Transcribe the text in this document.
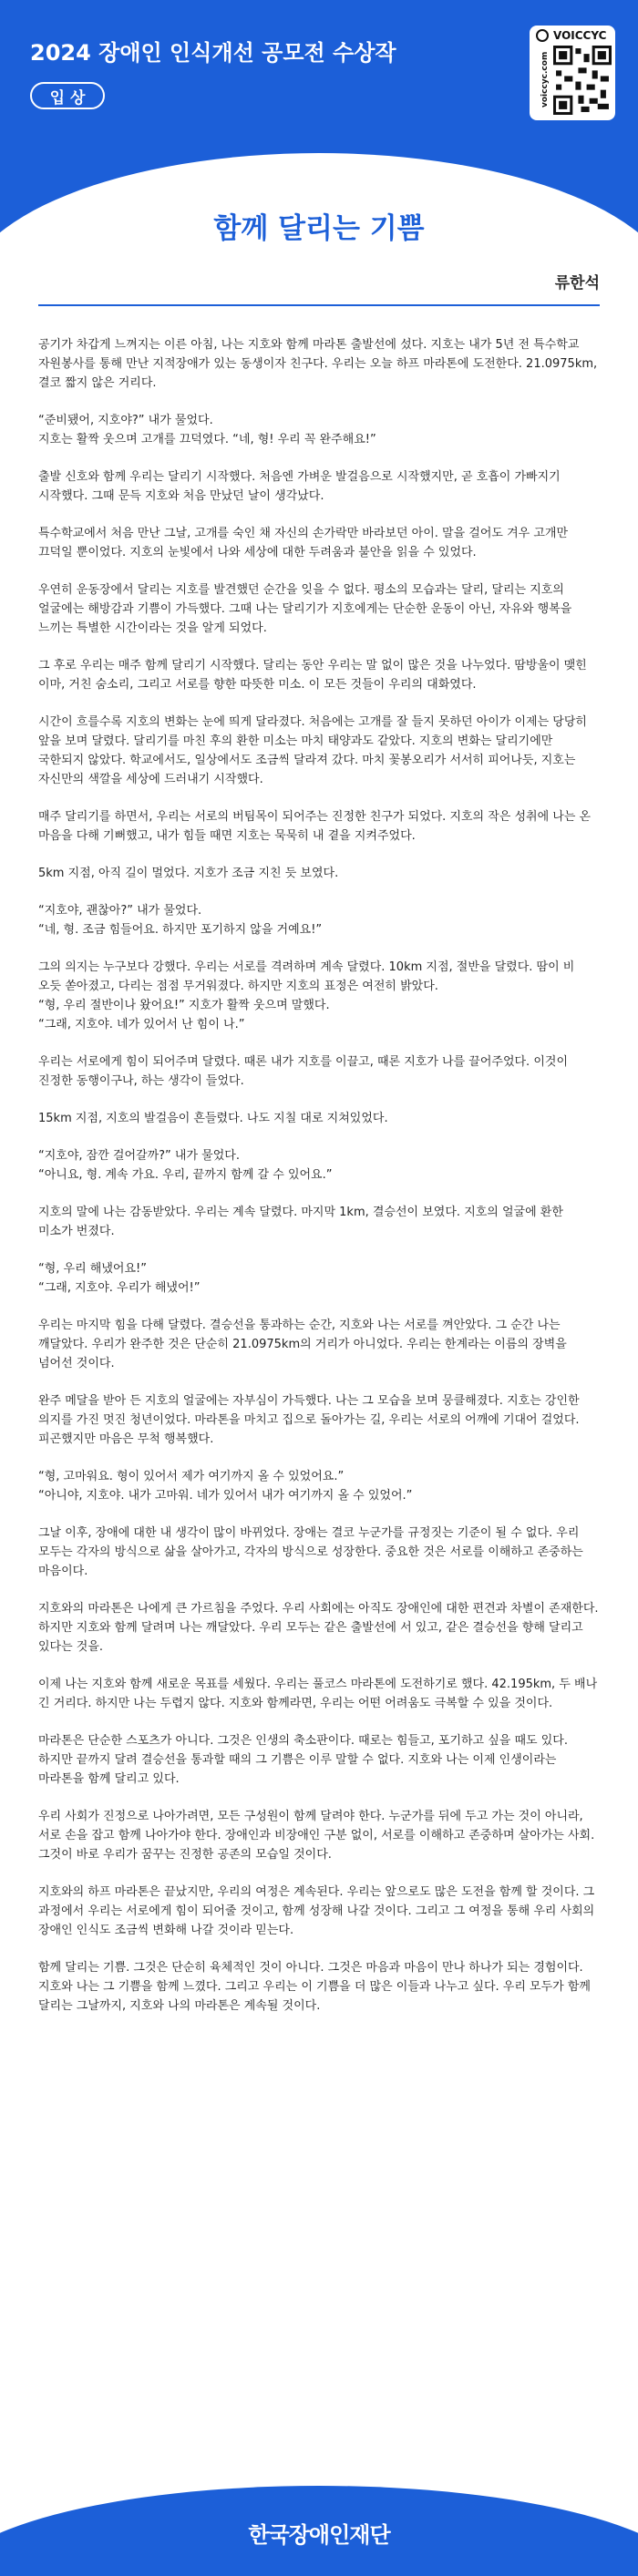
2024 장애인 인식개선 공모전 수상작
입 상
VOICCYC
voiccyc.com
함께 달리는 기쁨

류한석

공기가 차갑게 느껴지는 이른 아침, 나는 지호와 함께 마라톤 출발선에 섰다. 지호는 내가 5년 전 특수학교 자원봉사를 통해 만난 지적장애가 있는 동생이자 친구다. 우리는 오늘 하프 마라톤에 도전한다. 21.0975km, 결코 짧지 않은 거리다.

“준비됐어, 지호야?” 내가 물었다.
지호는 활짝 웃으며 고개를 끄덕였다. “네, 형! 우리 꼭 완주해요!”

출발 신호와 함께 우리는 달리기 시작했다. 처음엔 가벼운 발걸음으로 시작했지만, 곧 호흡이 가빠지기 시작했다. 그때 문득 지호와 처음 만났던 날이 생각났다.

특수학교에서 처음 만난 그날, 고개를 숙인 채 자신의 손가락만 바라보던 아이. 말을 걸어도 겨우 고개만 끄덕일 뿐이었다. 지호의 눈빛에서 나와 세상에 대한 두려움과 불안을 읽을 수 있었다.

우연히 운동장에서 달리는 지호를 발견했던 순간을 잊을 수 없다. 평소의 모습과는 달리, 달리는 지호의 얼굴에는 해방감과 기쁨이 가득했다. 그때 나는 달리기가 지호에게는 단순한 운동이 아닌, 자유와 행복을 느끼는 특별한 시간이라는 것을 알게 되었다.

그 후로 우리는 매주 함께 달리기 시작했다. 달리는 동안 우리는 말 없이 많은 것을 나누었다. 땀방울이 맺힌 이마, 거친 숨소리, 그리고 서로를 향한 따뜻한 미소. 이 모든 것들이 우리의 대화였다.

시간이 흐를수록 지호의 변화는 눈에 띄게 달라졌다. 처음에는 고개를 잘 들지 못하던 아이가 이제는 당당히 앞을 보며 달렸다. 달리기를 마친 후의 환한 미소는 마치 태양과도 같았다. 지호의 변화는 달리기에만 국한되지 않았다. 학교에서도, 일상에서도 조금씩 달라져 갔다. 마치 꽃봉오리가 서서히 피어나듯, 지호는 자신만의 색깔을 세상에 드러내기 시작했다.

매주 달리기를 하면서, 우리는 서로의 버팀목이 되어주는 진정한 친구가 되었다. 지호의 작은 성취에 나는 온 마음을 다해 기뻐했고, 내가 힘들 때면 지호는 묵묵히 내 곁을 지켜주었다.

5km 지점, 아직 길이 멀었다. 지호가 조금 지친 듯 보였다.

“지호야, 괜찮아?” 내가 물었다.
“네, 형. 조금 힘들어요. 하지만 포기하지 않을 거예요!”

그의 의지는 누구보다 강했다. 우리는 서로를 격려하며 계속 달렸다. 10km 지점, 절반을 달렸다. 땀이 비 오듯 쏟아졌고, 다리는 점점 무거워졌다. 하지만 지호의 표정은 여전히 밝았다.
“형, 우리 절반이나 왔어요!” 지호가 활짝 웃으며 말했다.
“그래, 지호야. 네가 있어서 난 힘이 나.”

우리는 서로에게 힘이 되어주며 달렸다. 때론 내가 지호를 이끌고, 때론 지호가 나를 끌어주었다. 이것이 진정한 동행이구나, 하는 생각이 들었다.

15km 지점, 지호의 발걸음이 흔들렸다. 나도 지칠 대로 지쳐있었다.

“지호야, 잠깐 걸어갈까?” 내가 물었다.
“아니요, 형. 계속 가요. 우리, 끝까지 함께 갈 수 있어요.”

지호의 말에 나는 감동받았다. 우리는 계속 달렸다. 마지막 1km, 결승선이 보였다. 지호의 얼굴에 환한 미소가 번졌다.

“형, 우리 해냈어요!”
“그래, 지호야. 우리가 해냈어!”

우리는 마지막 힘을 다해 달렸다. 결승선을 통과하는 순간, 지호와 나는 서로를 껴안았다. 그 순간 나는 깨달았다. 우리가 완주한 것은 단순히 21.0975km의 거리가 아니었다. 우리는 한계라는 이름의 장벽을 넘어선 것이다.

완주 메달을 받아 든 지호의 얼굴에는 자부심이 가득했다. 나는 그 모습을 보며 뭉클해졌다. 지호는 강인한 의지를 가진 멋진 청년이었다. 마라톤을 마치고 집으로 돌아가는 길, 우리는 서로의 어깨에 기대어 걸었다. 피곤했지만 마음은 무척 행복했다.

“형, 고마워요. 형이 있어서 제가 여기까지 올 수 있었어요.”
“아니야, 지호야. 내가 고마워. 네가 있어서 내가 여기까지 올 수 있었어.”

그날 이후, 장애에 대한 내 생각이 많이 바뀌었다. 장애는 결코 누군가를 규정짓는 기준이 될 수 없다. 우리 모두는 각자의 방식으로 삶을 살아가고, 각자의 방식으로 성장한다. 중요한 것은 서로를 이해하고 존중하는 마음이다.

지호와의 마라톤은 나에게 큰 가르침을 주었다. 우리 사회에는 아직도 장애인에 대한 편견과 차별이 존재한다. 하지만 지호와 함께 달려며 나는 깨달았다. 우리 모두는 같은 출발선에 서 있고, 같은 결승선을 향해 달리고 있다는 것을.

이제 나는 지호와 함께 새로운 목표를 세웠다. 우리는 풀코스 마라톤에 도전하기로 했다. 42.195km, 두 배나 긴 거리다. 하지만 나는 두렵지 않다. 지호와 함께라면, 우리는 어떤 어려움도 극복할 수 있을 것이다.

마라톤은 단순한 스포츠가 아니다. 그것은 인생의 축소판이다. 때로는 힘들고, 포기하고 싶을 때도 있다. 하지만 끝까지 달려 결승선을 통과할 때의 그 기쁨은 이루 말할 수 없다. 지호와 나는 이제 인생이라는 마라톤을 함께 달리고 있다.

우리 사회가 진정으로 나아가려면, 모든 구성원이 함께 달려야 한다. 누군가를 뒤에 두고 가는 것이 아니라, 서로 손을 잡고 함께 나아가야 한다. 장애인과 비장애인 구분 없이, 서로를 이해하고 존중하며 살아가는 사회. 그것이 바로 우리가 꿈꾸는 진정한 공존의 모습일 것이다.

지호와의 하프 마라톤은 끝났지만, 우리의 여정은 계속된다. 우리는 앞으로도 많은 도전을 함께 할 것이다. 그 과정에서 우리는 서로에게 힘이 되어줄 것이고, 함께 성장해 나갈 것이다. 그리고 그 여정을 통해 우리 사회의 장애인 인식도 조금씩 변화해 나갈 것이라 믿는다.

함께 달리는 기쁨. 그것은 단순히 육체적인 것이 아니다. 그것은 마음과 마음이 만나 하나가 되는 경험이다. 지호와 나는 그 기쁨을 함께 느꼈다. 그리고 우리는 이 기쁨을 더 많은 이들과 나누고 싶다. 우리 모두가 함께 달리는 그날까지, 지호와 나의 마라톤은 계속될 것이다.

한국장애인재단
